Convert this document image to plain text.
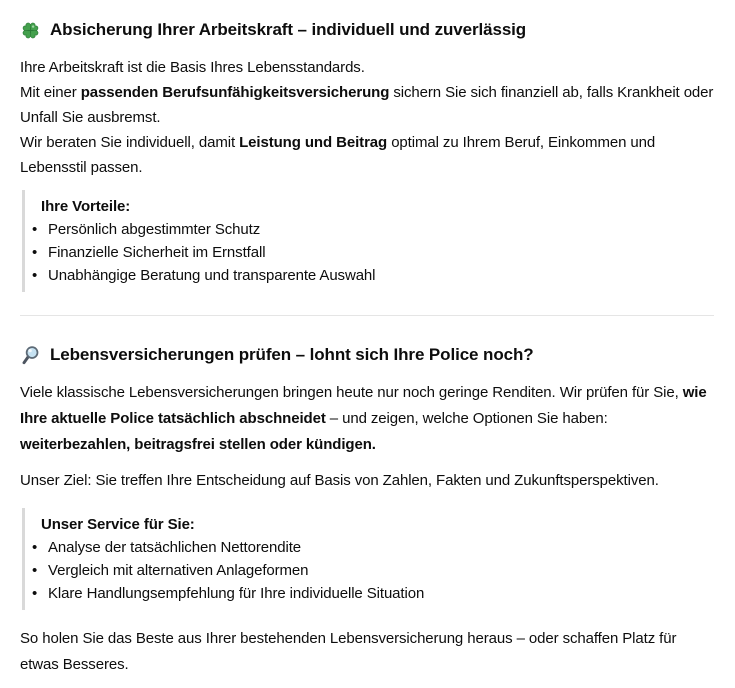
Absicherung Ihrer Arbeitskraft – individuell und zuverlässig

Ihre Arbeitskraft ist die Basis Ihres Lebensstandards.

Mit einer passenden Berufsunfähigkeitsversicherung sichern Sie sich finanziell ab, falls Krankheit oder Unfall Sie ausbremst.

Wir beraten Sie individuell, damit Leistung und Beitrag optimal zu Ihrem Beruf, Einkommen und Lebensstil passen.

Ihre Vorteile:
• Persönlich abgestimmter Schutz
• Finanzielle Sicherheit im Ernstfall
• Unabhängige Beratung und transparente Auswahl
Lebensversicherungen prüfen – lohnt sich Ihre Police noch?

Viele klassische Lebensversicherungen bringen heute nur noch geringe Renditen. Wir prüfen für Sie, wie Ihre aktuelle Police tatsächlich abschneidet – und zeigen, welche Optionen Sie haben: weiterbezahlen, beitragsfrei stellen oder kündigen.

Unser Ziel: Sie treffen Ihre Entscheidung auf Basis von Zahlen, Fakten und Zukunftsperspektiven.

Unser Service für Sie:
• Analyse der tatsächlichen Nettorendite
• Vergleich mit alternativen Anlageformen
• Klare Handlungsempfehlung für Ihre individuelle Situation

So holen Sie das Beste aus Ihrer bestehenden Lebensversicherung heraus – oder schaffen Platz für etwas Besseres.
